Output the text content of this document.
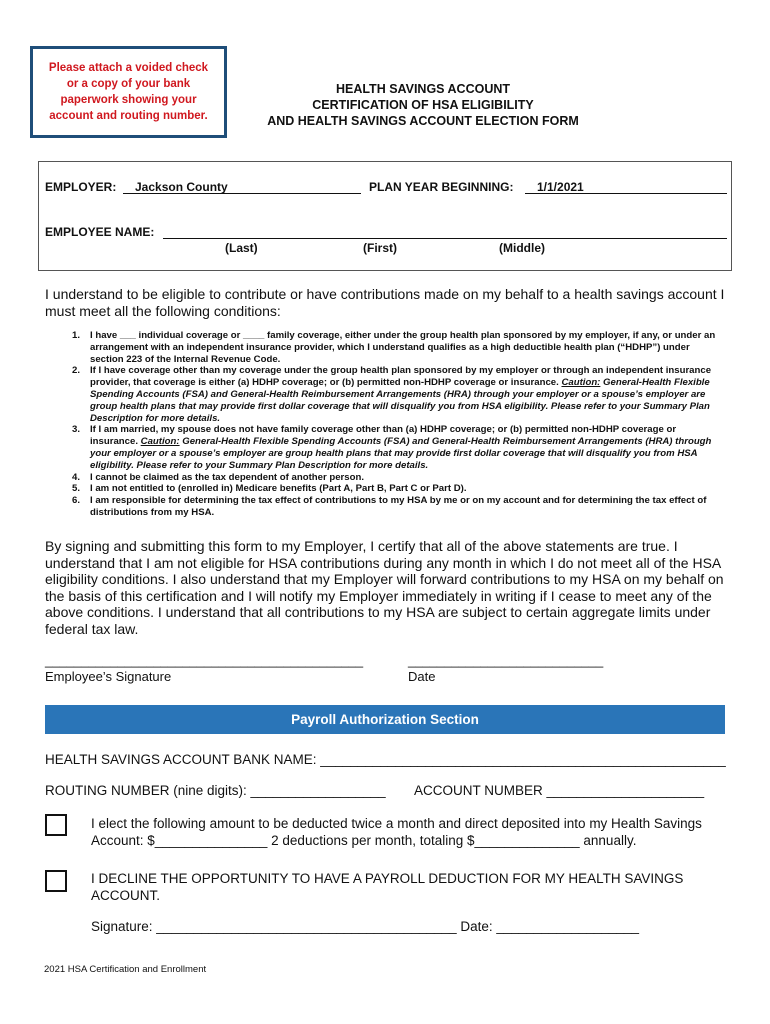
Please attach a voided check
or a copy of your bank
paperwork showing your
account and routing number.
HEALTH SAVINGS ACCOUNT
CERTIFICATION OF HSA ELIGIBILITY
AND HEALTH SAVINGS ACCOUNT ELECTION FORM
EMPLOYER:	Jackson County	PLAN YEAR BEGINNING:	1/1/2021
EMPLOYEE NAME:
(Last)	(First)	(Middle)
I understand to be eligible to contribute or have contributions made on my behalf to a health savings account I must meet all the following conditions:
1. I have ___ individual coverage or ____ family coverage, either under the group health plan sponsored by my employer, if any, or under an arrangement with an independent insurance provider, which I understand qualifies as a high deductible health plan (“HDHP”) under section 223 of the Internal Revenue Code.
2. If I have coverage other than my coverage under the group health plan sponsored by my employer or through an independent insurance provider, that coverage is either (a) HDHP coverage; or (b) permitted non-HDHP coverage or insurance. Caution: General-Health Flexible Spending Accounts (FSA) and General-Health Reimbursement Arrangements (HRA) through your employer or a spouse’s employer are group health plans that may provide first dollar coverage that will disqualify you from HSA eligibility. Please refer to your Summary Plan Description for more details.
3. If I am married, my spouse does not have family coverage other than (a) HDHP coverage; or (b) permitted non-HDHP coverage or insurance. Caution: General-Health Flexible Spending Accounts (FSA) and General-Health Reimbursement Arrangements (HRA) through your employer or a spouse’s employer are group health plans that may provide first dollar coverage that will disqualify you from HSA eligibility. Please refer to your Summary Plan Description for more details.
4. I cannot be claimed as the tax dependent of another person.
5. I am not entitled to (enrolled in) Medicare benefits (Part A, Part B, Part C or Part D).
6. I am responsible for determining the tax effect of contributions to my HSA by me or on my account and for determining the tax effect of distributions from my HSA.
By signing and submitting this form to my Employer, I certify that all of the above statements are true. I understand that I am not eligible for HSA contributions during any month in which I do not meet all of the HSA eligibility conditions. I also understand that my Employer will forward contributions to my HSA on my behalf on the basis of this certification and I will notify my Employer immediately in writing if I cease to meet any of the above conditions. I understand that all contributions to my HSA are subject to certain aggregate limits under federal tax law.
____________________________________________
Employee’s Signature
___________________________
Date
Payroll Authorization Section
HEALTH SAVINGS ACCOUNT BANK NAME: ______________________________________________________
ROUTING NUMBER (nine digits): __________________ ACCOUNT NUMBER _____________________
I elect the following amount to be deducted twice a month and direct deposited into my Health Savings
Account: $_______________ 2 deductions per month, totaling $______________ annually.
I DECLINE THE OPPORTUNITY TO HAVE A PAYROLL DEDUCTION FOR MY HEALTH SAVINGS ACCOUNT.
Signature: ________________________________________ Date: ___________________
2021 HSA Certification and Enrollment
